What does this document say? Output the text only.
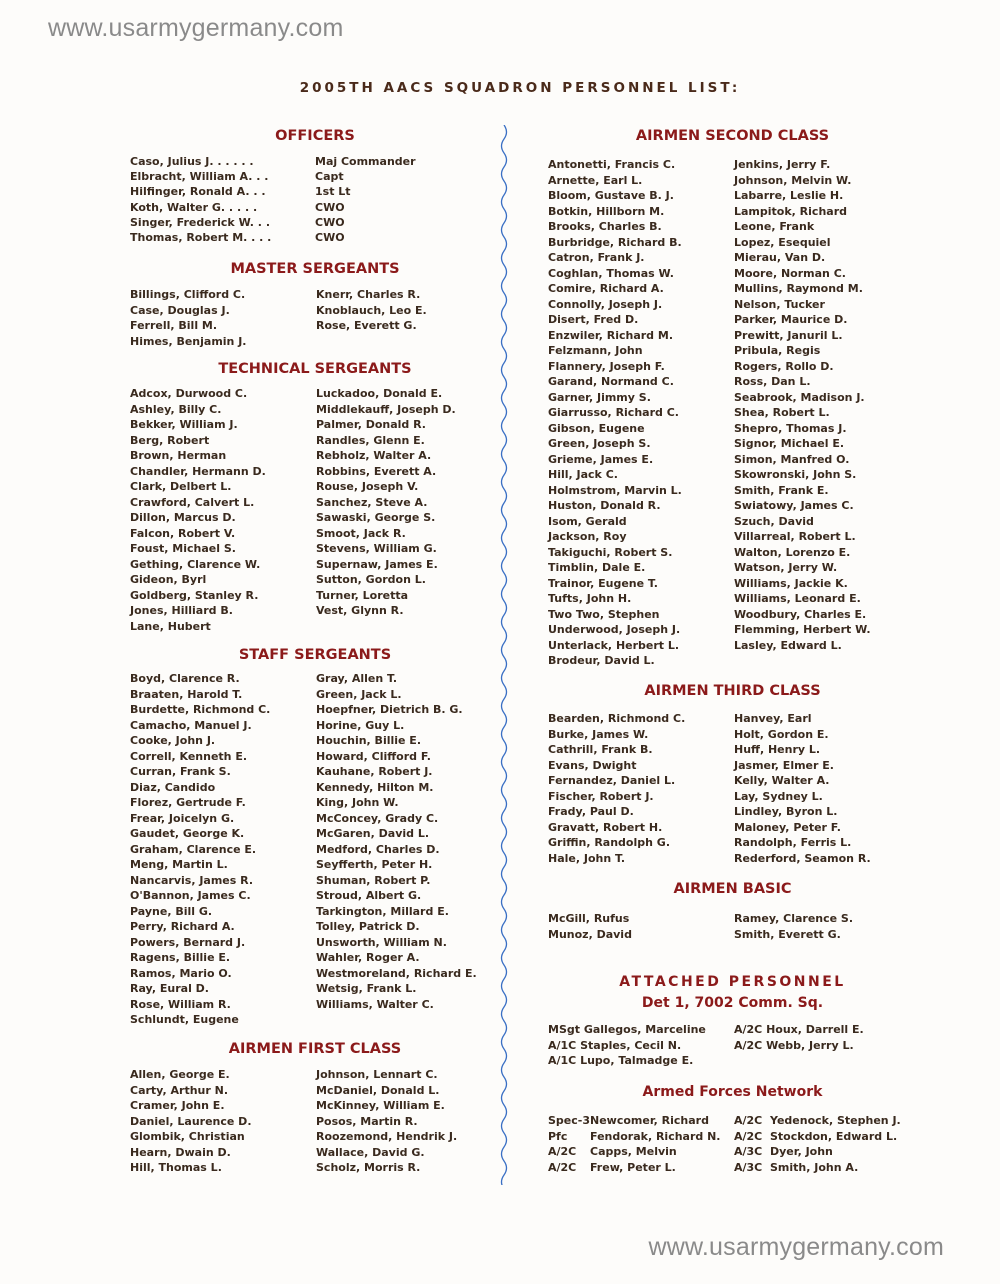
www.usarmygermany.com
2005TH AACS SQUADRON PERSONNEL LIST:
OFFICERS
Caso, Julius J. . . . . .	Maj Commander
Elbracht, William A. . .	Capt
Hilfinger, Ronald A. . .	1st Lt
Koth, Walter G. . . . .	CWO
Singer, Frederick W. . .	CWO
Thomas, Robert M. . . .	CWO
MASTER SERGEANTS
Billings, Clifford C.
Case, Douglas J.
Ferrell, Bill M.
Himes, Benjamin J.
Knerr, Charles R.
Knoblauch, Leo E.
Rose, Everett G.
TECHNICAL SERGEANTS
Adcox, Durwood C.
Ashley, Billy C.
Bekker, William J.
Berg, Robert
Brown, Herman
Chandler, Hermann D.
Clark, Delbert L.
Crawford, Calvert L.
Dillon, Marcus D.
Falcon, Robert V.
Foust, Michael S.
Gething, Clarence W.
Gideon, Byrl
Goldberg, Stanley R.
Jones, Hilliard B.
Lane, Hubert
Luckadoo, Donald E.
Middlekauff, Joseph D.
Palmer, Donald R.
Randles, Glenn E.
Rebholz, Walter A.
Robbins, Everett A.
Rouse, Joseph V.
Sanchez, Steve A.
Sawaski, George S.
Smoot, Jack R.
Stevens, William G.
Supernaw, James E.
Sutton, Gordon L.
Turner, Loretta
Vest, Glynn R.
STAFF SERGEANTS
Boyd, Clarence R.
Braaten, Harold T.
Burdette, Richmond C.
Camacho, Manuel J.
Cooke, John J.
Correll, Kenneth E.
Curran, Frank S.
Diaz, Candido
Florez, Gertrude F.
Frear, Joicelyn G.
Gaudet, George K.
Graham, Clarence E.
Meng, Martin L.
Nancarvis, James R.
O'Bannon, James C.
Payne, Bill G.
Perry, Richard A.
Powers, Bernard J.
Ragens, Billie E.
Ramos, Mario O.
Ray, Eural D.
Rose, William R.
Schlundt, Eugene
Gray, Allen T.
Green, Jack L.
Hoepfner, Dietrich B. G.
Horine, Guy L.
Houchin, Billie E.
Howard, Clifford F.
Kauhane, Robert J.
Kennedy, Hilton M.
King, John W.
McConcey, Grady C.
McGaren, David L.
Medford, Charles D.
Seyfferth, Peter H.
Shuman, Robert P.
Stroud, Albert G.
Tarkington, Millard E.
Tolley, Patrick D.
Unsworth, William N.
Wahler, Roger A.
Westmoreland, Richard E.
Wetsig, Frank L.
Williams, Walter C.
AIRMEN FIRST CLASS
Allen, George E.
Carty, Arthur N.
Cramer, John E.
Daniel, Laurence D.
Glombik, Christian
Hearn, Dwain D.
Hill, Thomas L.
Johnson, Lennart C.
McDaniel, Donald L.
McKinney, William E.
Posos, Martin R.
Roozemond, Hendrik J.
Wallace, David G.
Scholz, Morris R.
AIRMEN SECOND CLASS
Antonetti, Francis C.
Arnette, Earl L.
Bloom, Gustave B. J.
Botkin, Hillborn M.
Brooks, Charles B.
Burbridge, Richard B.
Catron, Frank J.
Coghlan, Thomas W.
Comire, Richard A.
Connolly, Joseph J.
Disert, Fred D.
Enzwiler, Richard M.
Felzmann, John
Flannery, Joseph F.
Garand, Normand C.
Garner, Jimmy S.
Giarrusso, Richard C.
Gibson, Eugene
Green, Joseph S.
Grieme, James E.
Hill, Jack C.
Holmstrom, Marvin L.
Huston, Donald R.
Isom, Gerald
Jackson, Roy
Takiguchi, Robert S.
Timblin, Dale E.
Trainor, Eugene T.
Tufts, John H.
Two Two, Stephen
Underwood, Joseph J.
Unterlack, Herbert L.
Brodeur, David L.
Jenkins, Jerry F.
Johnson, Melvin W.
Labarre, Leslie H.
Lampitok, Richard
Leone, Frank
Lopez, Esequiel
Mierau, Van D.
Moore, Norman C.
Mullins, Raymond M.
Nelson, Tucker
Parker, Maurice D.
Prewitt, Januril L.
Pribula, Regis
Rogers, Rollo D.
Ross, Dan L.
Seabrook, Madison J.
Shea, Robert L.
Shepro, Thomas J.
Signor, Michael E.
Simon, Manfred O.
Skowronski, John S.
Smith, Frank E.
Swiatowy, James C.
Szuch, David
Villarreal, Robert L.
Walton, Lorenzo E.
Watson, Jerry W.
Williams, Jackie K.
Williams, Leonard E.
Woodbury, Charles E.
Flemming, Herbert W.
Lasley, Edward L.
AIRMEN THIRD CLASS
Bearden, Richmond C.
Burke, James W.
Cathrill, Frank B.
Evans, Dwight
Fernandez, Daniel L.
Fischer, Robert J.
Frady, Paul D.
Gravatt, Robert H.
Griffin, Randolph G.
Hale, John T.
Hanvey, Earl
Holt, Gordon E.
Huff, Henry L.
Jasmer, Elmer E.
Kelly, Walter A.
Lay, Sydney L.
Lindley, Byron L.
Maloney, Peter F.
Randolph, Ferris L.
Rederford, Seamon R.
AIRMEN BASIC
McGill, Rufus
Munoz, David
Ramey, Clarence S.
Smith, Everett G.
ATTACHED PERSONNEL
Det 1, 7002 Comm. Sq.
MSgt Gallegos, Marceline
A/1C Staples, Cecil N.
A/1C Lupo, Talmadge E.
A/2C Houx, Darrell E.
A/2C Webb, Jerry L.
Armed Forces Network
Spec-3 Newcomer, Richard
Pfc	Fendorak, Richard N.
A/2C	Capps, Melvin
A/2C	Frew, Peter L.
A/2C Yedenock, Stephen J.
A/2C Stockdon, Edward L.
A/3C Dyer, John
A/3C Smith, John A.
www.usarmygermany.com
